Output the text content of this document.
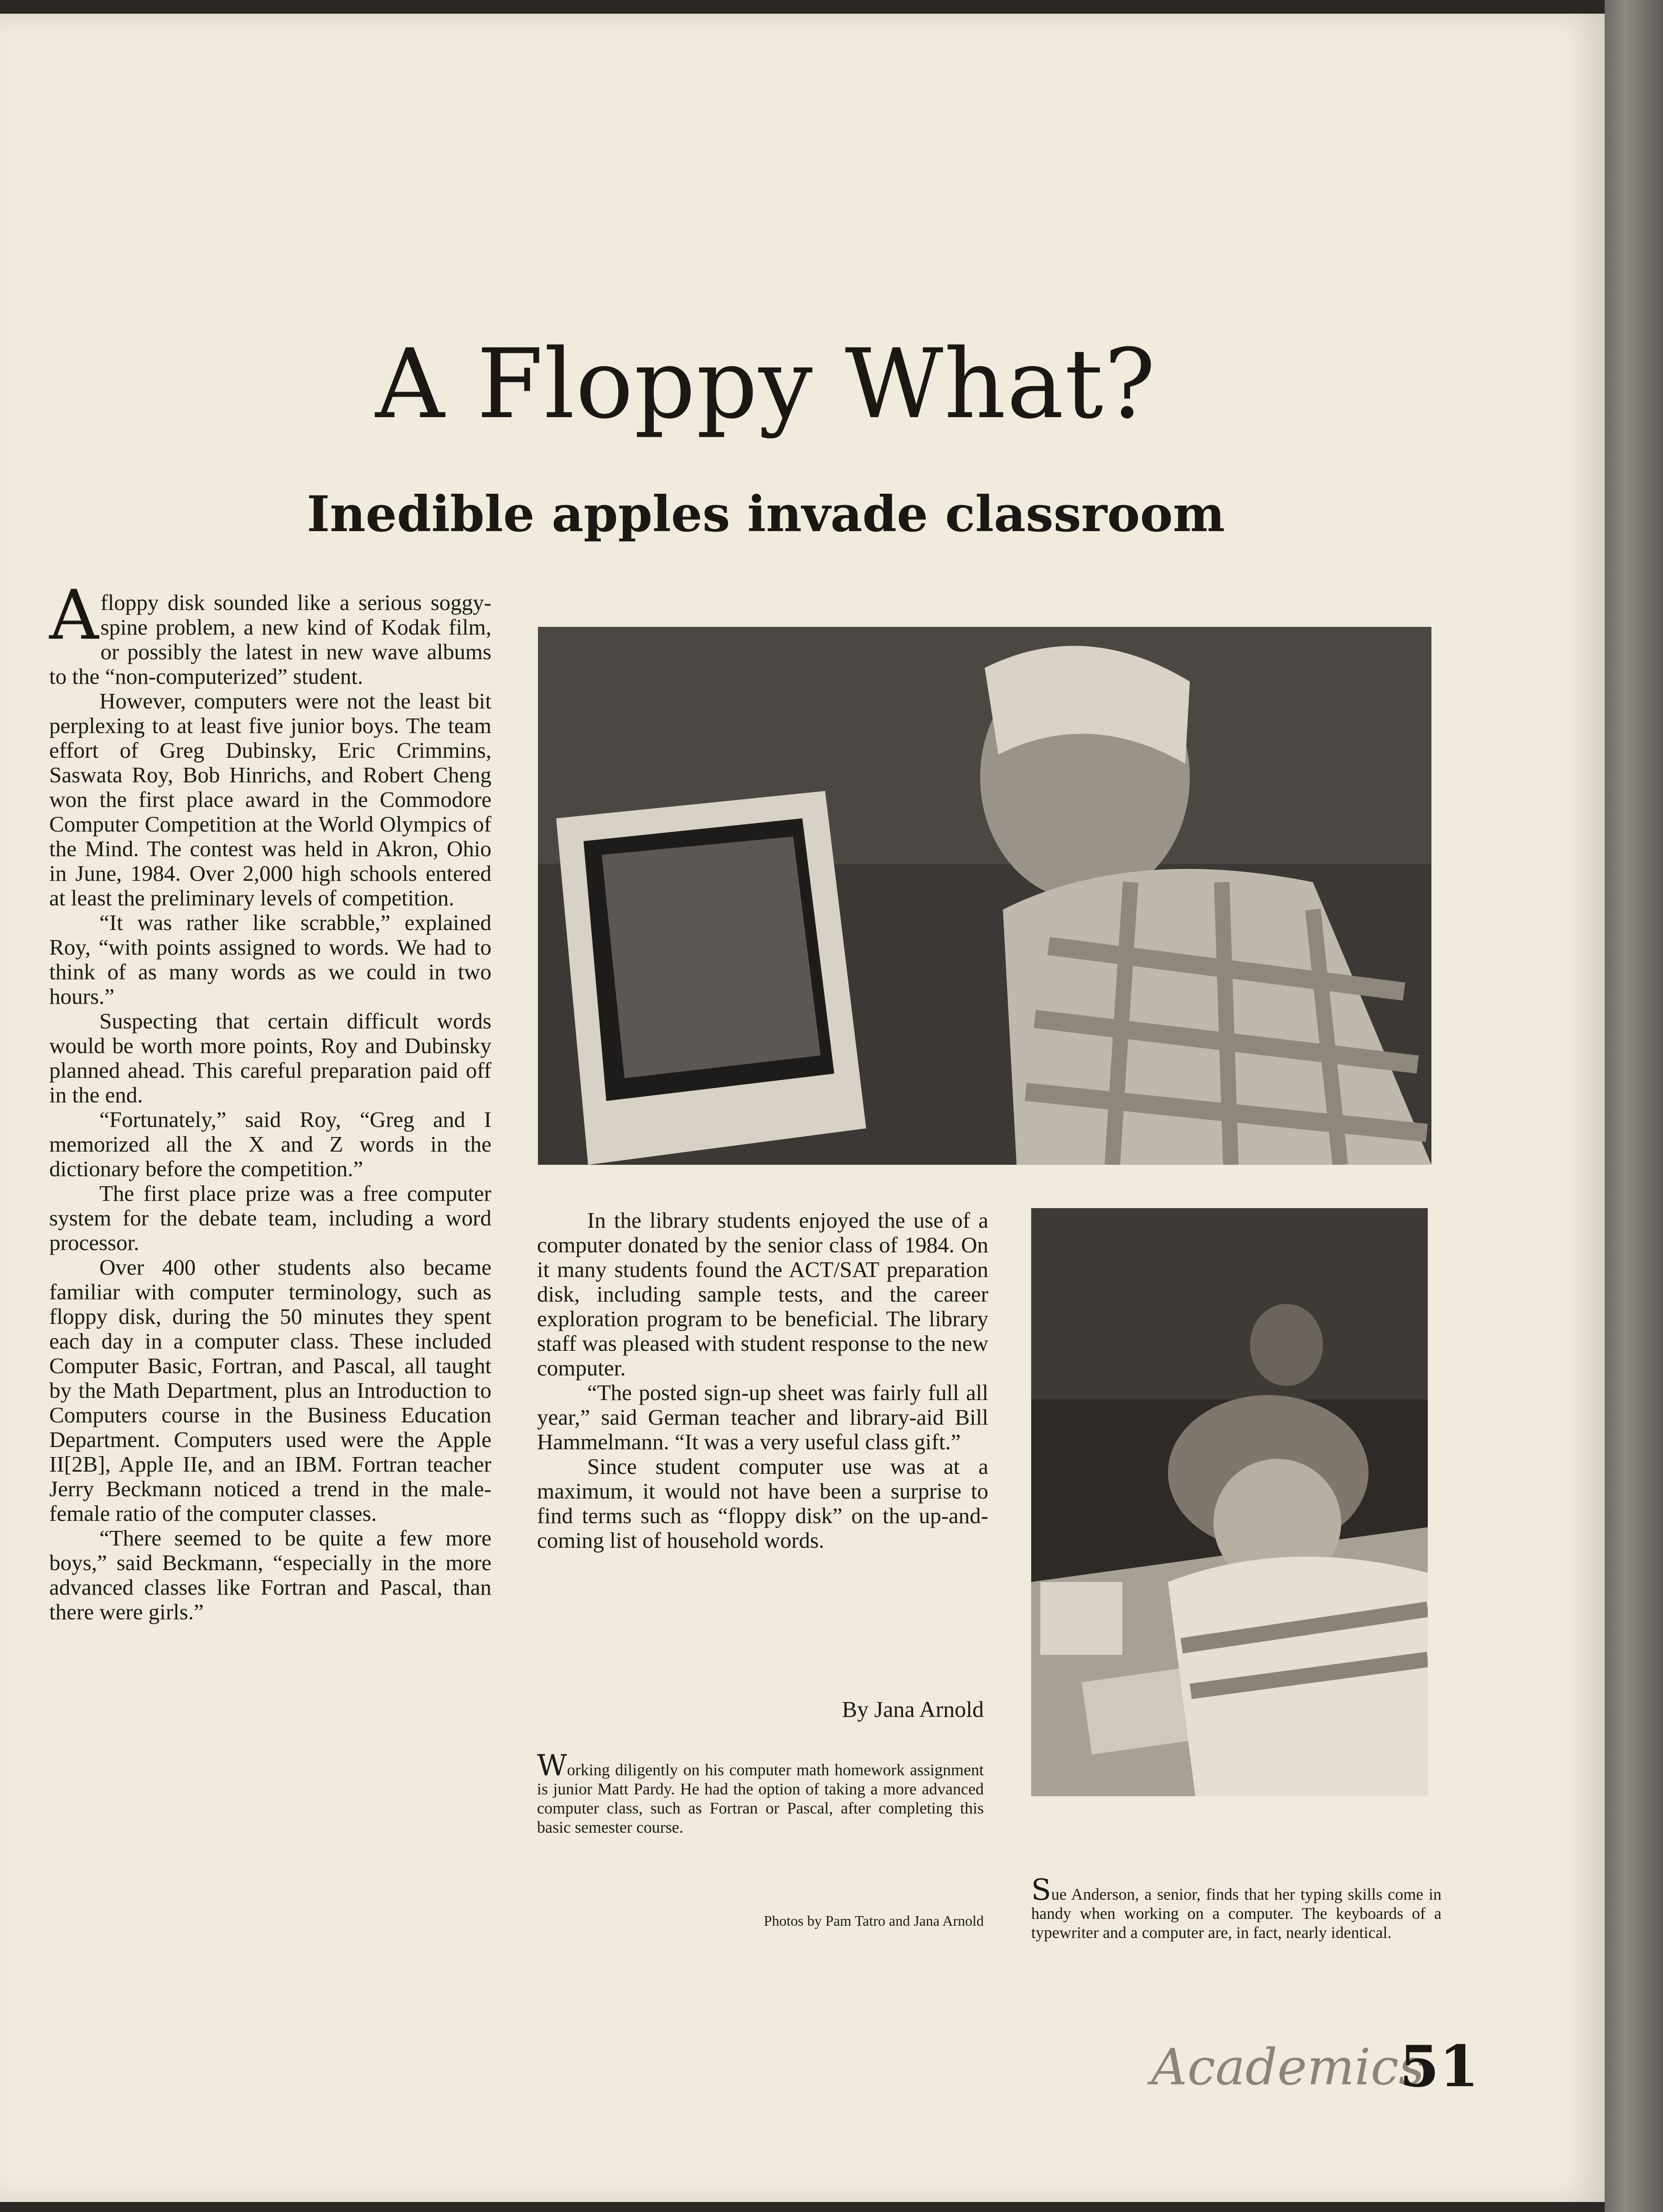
A Floppy What?
Inedible apples invade classroom

Afloppy disk sounded like a serious soggy-spine problem, a new kind of Kodak film, or possibly the latest in new wave albums to the “non-computerized” student.

However, computers were not the least bit perplexing to at least five junior boys. The team effort of Greg Dubinsky, Eric Crimmins, Saswata Roy, Bob Hinrichs, and Robert Cheng won the first place award in the Commodore Computer Competition at the World Olympics of the Mind. The contest was held in Akron, Ohio in June, 1984. Over 2,000 high schools entered at least the preliminary levels of competition.

“It was rather like scrabble,” explained Roy, “with points assigned to words. We had to think of as many words as we could in two hours.”

Suspecting that certain difficult words would be worth more points, Roy and Dubinsky planned ahead. This careful preparation paid off in the end.

“Fortunately,” said Roy, “Greg and I memorized all the X and Z words in the dictionary before the competition.”

The first place prize was a free computer system for the debate team, including a word processor.

Over 400 other students also became familiar with computer terminology, such as floppy disk, during the 50 minutes they spent each day in a computer class. These included Computer Basic, Fortran, and Pascal, all taught by the Math Department, plus an Introduction to Computers course in the Business Education Department. Computers used were the Apple II[2B], Apple IIe, and an IBM. Fortran teacher Jerry Beckmann noticed a trend in the male-female ratio of the computer classes.

“There seemed to be quite a few more boys,” said Beckmann, “especially in the more advanced classes like Fortran and Pascal, than there were girls.”

In the library students enjoyed the use of a computer donated by the senior class of 1984. On it many students found the ACT/SAT preparation disk, including sample tests, and the career exploration program to be beneficial. The library staff was pleased with student response to the new computer.

“The posted sign-up sheet was fairly full all year,” said German teacher and library-aid Bill Hammelmann. “It was a very useful class gift.”

Since student computer use was at a maximum, it would not have been a surprise to find terms such as “floppy disk” on the up-and-coming list of household words.

By Jana Arnold
Working diligently on his computer math homework assignment is junior Matt Pardy. He had the option of taking a more advanced computer class, such as Fortran or Pascal, after completing this basic semester course.
Photos by Pam Tatro and Jana Arnold
Sue Anderson, a senior, finds that her typing skills come in handy when working on a computer. The keyboards of a typewriter and a computer are, in fact, nearly identical.
Academics
51
